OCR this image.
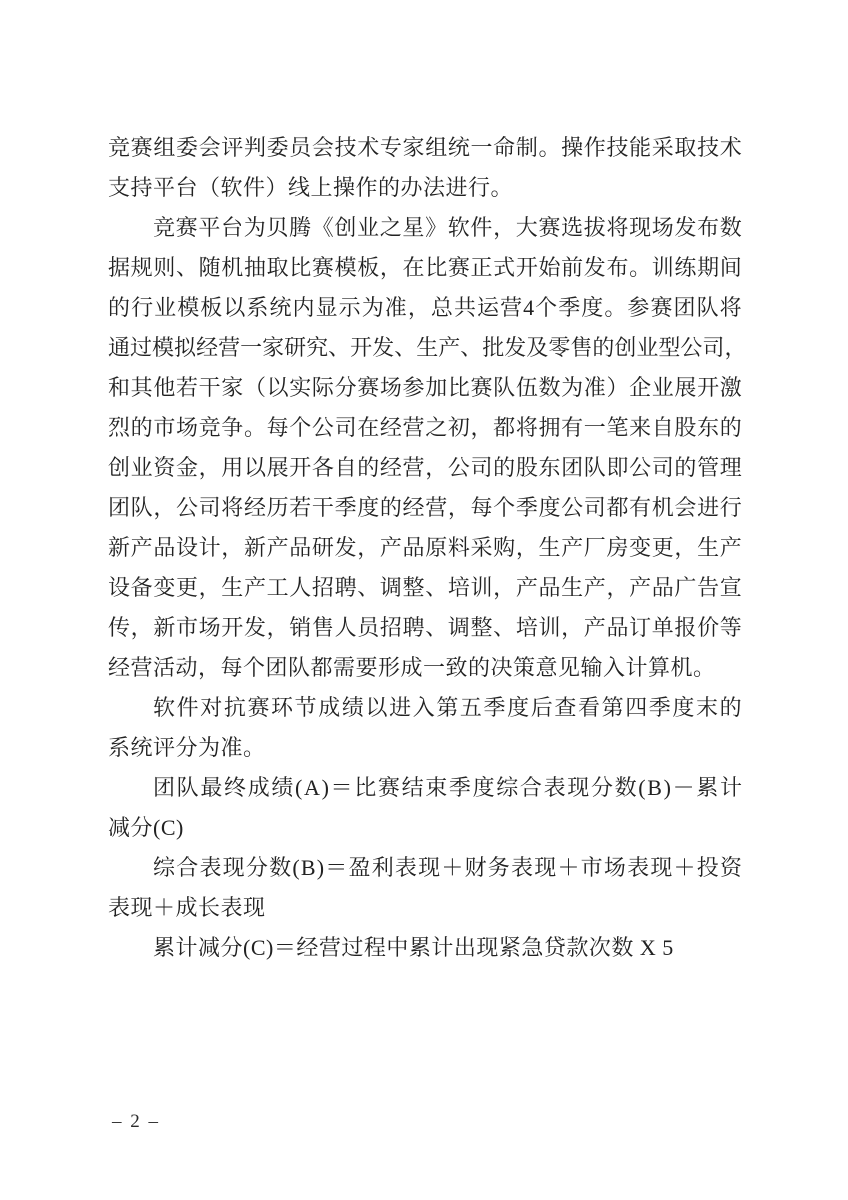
竞 赛 组 委 会 评 判 委 员 会 技 术 专 家 组 统 一 命 制 。 操 作 技 能 采 取 技 术
支持平台（软件）线上操作的办法进行。
竞 赛 平 台 为 贝 腾 《 创 业 之 星 》 软 件 ， 大 赛 选 拔 将 现 场 发 布 数
据 规 则 、 随 机 抽 取 比 赛 模 板 ， 在 比 赛 正 式 开 始 前 发 布 。 训 练 期 间
的 行 业 模 板 以 系 统 内 显 示 为 准 ， 总 共 运 营 4 个 季 度 。 参 赛 团 队 将
通 过 模 拟 经 营 一 家 研 究 、 开 发 、 生 产 、 批 发 及 零 售 的 创 业 型 公 司 ，
和 其 他 若 干 家 （ 以 实 际 分 赛 场 参 加 比 赛 队 伍 数 为 准 ） 企 业 展 开 激
烈 的 市 场 竞 争 。 每 个 公 司 在 经 营 之 初 ， 都 将 拥 有 一 笔 来 自 股 东 的
创 业 资 金 ， 用 以 展 开 各 自 的 经 营 ， 公 司 的 股 东 团 队 即 公 司 的 管 理
团 队 ， 公 司 将 经 历 若 干 季 度 的 经 营 ， 每 个 季 度 公 司 都 有 机 会 进 行
新 产 品 设 计 ， 新 产 品 研 发 ， 产 品 原 料 采 购 ， 生 产 厂 房 变 更 ， 生 产
设 备 变 更 ， 生 产 工 人 招 聘 、 调 整 、 培 训 ， 产 品 生 产 ， 产 品 广 告 宣
传 ， 新 市 场 开 发 ， 销 售 人 员 招 聘 、 调 整 、 培 训 ， 产 品 订 单 报 价 等
经营活动，每个团队都需要形成一致的决策意见输入计算机。
软 件 对 抗 赛 环 节 成 绩 以 进 入 第 五 季 度 后 查 看 第 四 季 度 末 的
系统评分为准。
团 队 最 终 成 绩 ( A ) ＝ 比 赛 结 束 季 度 综 合 表 现 分 数 ( B ) － 累 计
减分(C)
综 合 表 现 分 数 ( B ) ＝ 盈 利 表 现 ＋ 财 务 表 现 ＋ 市 场 表 现 ＋ 投 资
表现＋成长表现
累计减分(C)＝经营过程中累计出现紧急贷款次数 X 5
– 2 –
